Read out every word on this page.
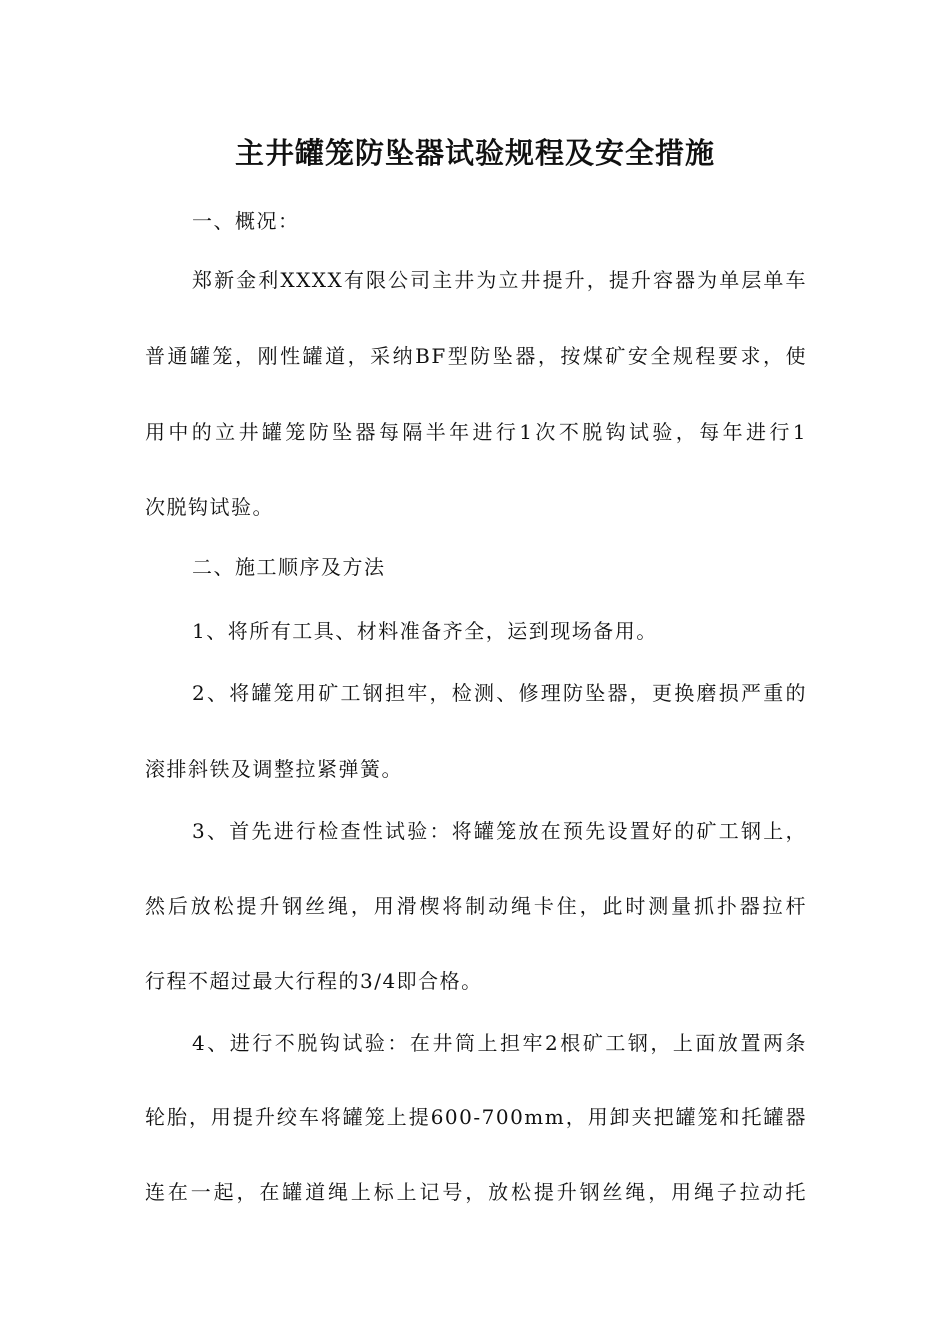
主井罐笼防坠器试验规程及安全措施
一、概况：
郑新金利XXXX有限公司主井为立井提升，提升容器为单层单车
普通罐笼，刚性罐道，采纳BF型防坠器，按煤矿安全规程要求，使
用中的立井罐笼防坠器每隔半年进行1次不脱钩试验，每年进行1
次脱钩试验。
二、施工顺序及方法
1、将所有工具、材料准备齐全，运到现场备用。
2、将罐笼用矿工钢担牢，检测、修理防坠器，更换磨损严重的
滚排斜铁及调整拉紧弹簧。
3、首先进行检查性试验：将罐笼放在预先设置好的矿工钢上，
然后放松提升钢丝绳，用滑楔将制动绳卡住，此时测量抓扑器拉杆
行程不超过最大行程的3/4即合格。
4、进行不脱钩试验：在井筒上担牢2根矿工钢，上面放置两条
轮胎，用提升绞车将罐笼上提600-700mm，用卸夹把罐笼和托罐器
连在一起，在罐道绳上标上记号，放松提升钢丝绳，用绳子拉动托
